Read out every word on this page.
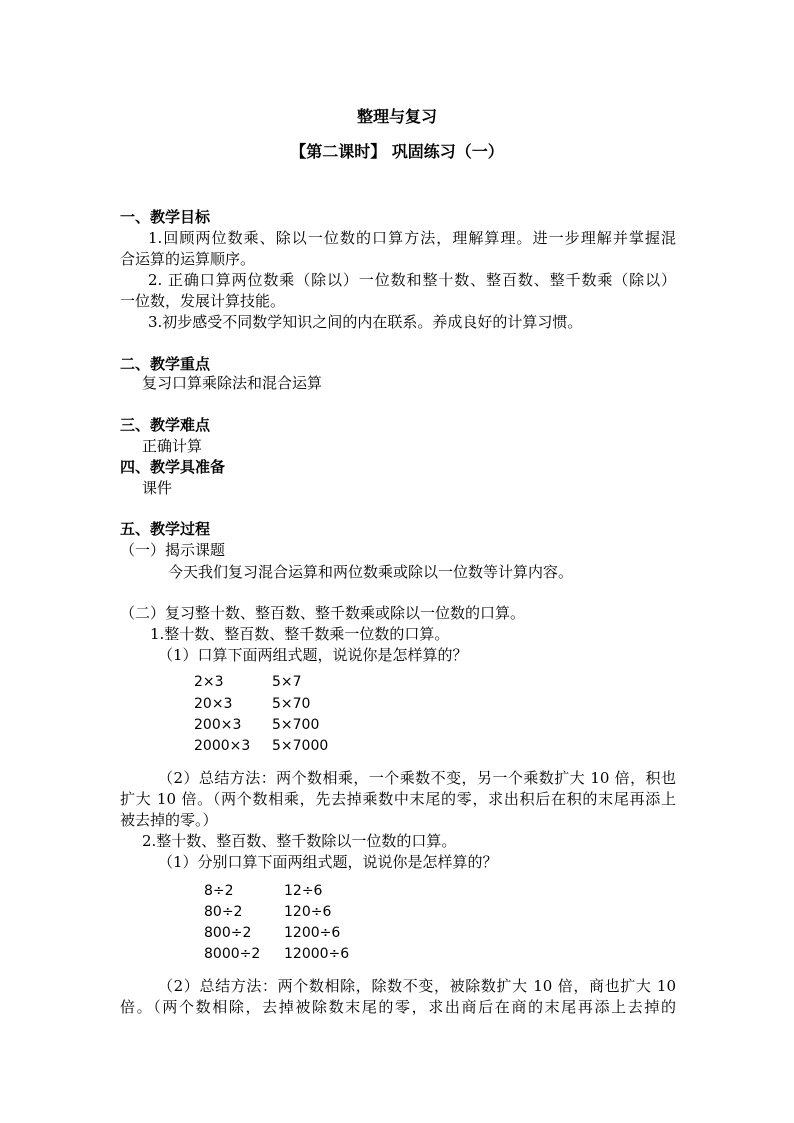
整理与复习
【第二课时】 巩固练习（一）
一、教学目标
1.回顾两位数乘、除以一位数的口算方法，理解算理。进一步理解并掌握混
合运算的运算顺序。
2. 正确口算两位数乘（除以）一位数和整十数、整百数、整千数乘（除以）
一位数，发展计算技能。
3.初步感受不同数学知识之间的内在联系。养成良好的计算习惯。
二、教学重点
复习口算乘除法和混合运算
三、教学难点
正确计算
四、教学具准备
课件
五、教学过程
（一）揭示课题
今天我们复习混合运算和两位数乘或除以一位数等计算内容。
（二）复习整十数、整百数、整千数乘或除以一位数的口算。
1.整十数、整百数、整千数乘一位数的口算。
（1）口算下面两组式题，说说你是怎样算的？
2×3
20×3
200×3
2000×3
5×7
5×70
5×700
5×7000
（2）总结方法：两个数相乘，一个乘数不变，另一个乘数扩大 10 倍，积也
扩大 10 倍。（两个数相乘，先去掉乘数中末尾的零，求出积后在积的末尾再添上
被去掉的零。）
2.整十数、整百数、整千数除以一位数的口算。
（1）分别口算下面两组式题，说说你是怎样算的？
8÷2
80÷2
800÷2
8000÷2
12÷6
120÷6
1200÷6
12000÷6
（2）总结方法：两个数相除，除数不变，被除数扩大 10 倍，商也扩大 10
倍。（两个数相除，去掉被除数末尾的零，求出商后在商的末尾再添上去掉的
